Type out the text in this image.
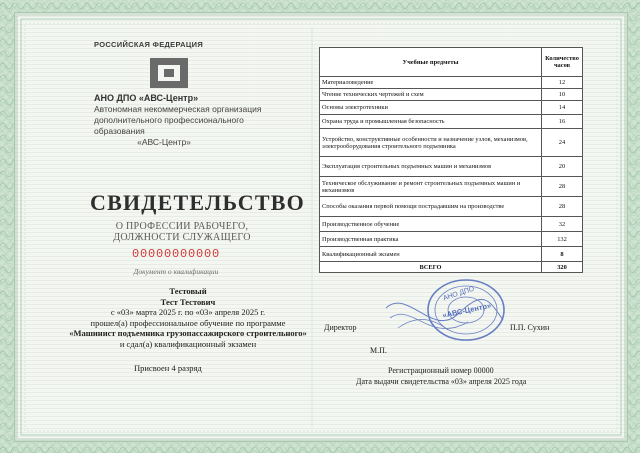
РОССИЙСКАЯ ФЕДЕРАЦИЯ
АНО ДПО «АВС-Центр»
Автономная некоммерческая организация
дополнительного профессионального образования
«АВС-Центр»
СВИДЕТЕЛЬСТВО
О ПРОФЕССИИ РАБОЧЕГО,
ДОЛЖНОСТИ СЛУЖАЩЕГО
00000000000
Документ о квалификации
Тестовый
Тест Тестович
с «03» марта 2025 г. по «03» апреля 2025 г.
прошел(а) профессиональное обучение по программе
«Машинист подъемника грузопассажирского строительного»
и сдал(а) квалификационный экзамен
Присвоен 4 разряд
Учебные предметы	Количество часов
Материаловедение	12
Чтение технических чертежей и схем	10
Основы электротехники	14
Охрана труда и промышленная безопасность	16
Устройство, конструктивные особенности и назначение узлов, механизмов, электрооборудования строительного подъемника	24
Эксплуатация строительных подъемных машин и механизмов	20
Техническое обслуживание и ремонт строительных подъемных машин и механизмов	28
Способы оказания первой помощи пострадавшим на производстве	28
Производственное обучение	32
Производственная практика	132
Квалификационный экзамен	8
ВСЕГО	320
АНО ДПО
«АВС-Центр»
Директор	П.П. Сухин
М.П.
Регистрационный номер 00000
Дата выдачи свидетельства «03» апреля 2025 года
